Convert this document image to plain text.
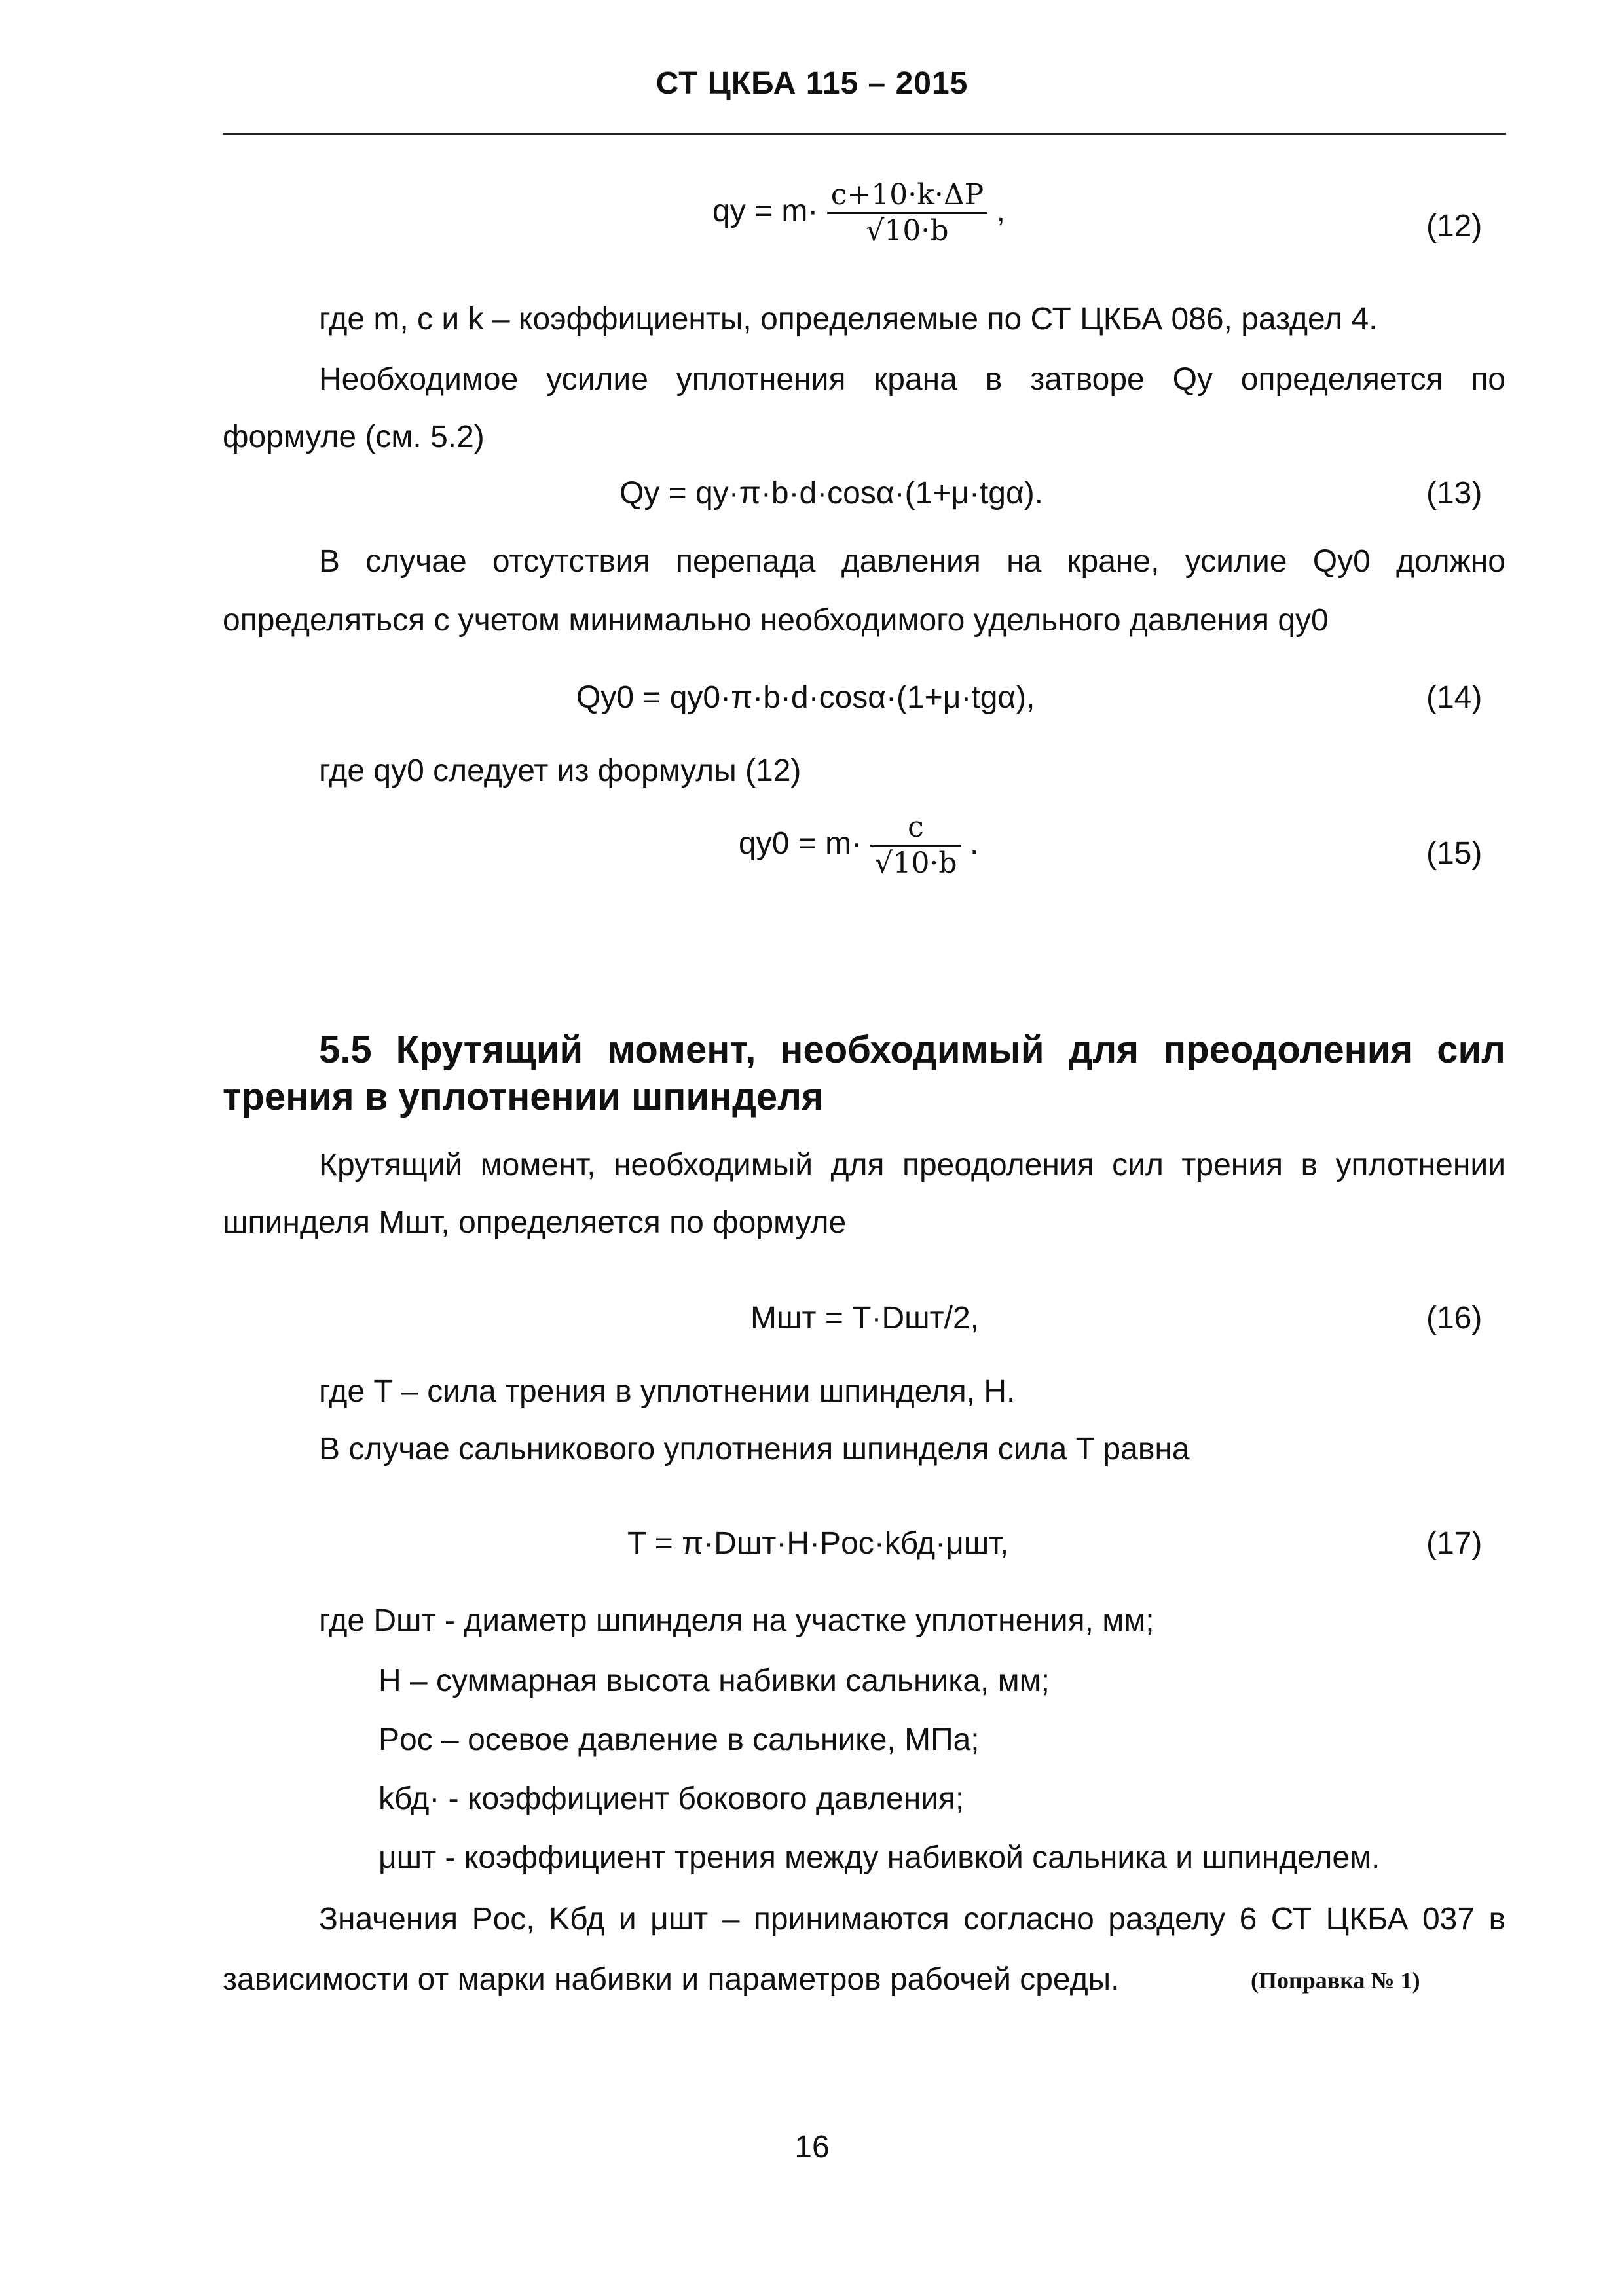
СТ ЦКБА 115 – 2015
qy = $m\cdot \frac{c+10\cdot k\cdot\Delta P}{√10\cdot b}$ ,	(12)
где m, c и k – коэффициенты, определяемые по СТ ЦКБА 086, раздел 4.
Необходимое усилие уплотнения крана в затворе Qy определяется по
формуле (см. 5.2)
Qy = qy·π·b·d·cosα·(1+μ·tgα).	(13)
В случае отсутствия перепада давления на кране, усилие Qy0 должно
определяться с учетом минимально необходимого удельного давления qy0
Qy0 = qy0·π·b·d·cosα·(1+μ·tgα),	(14)
где qy0 следует из формулы (12)
$qy0 = m\cdot \frac{c}{√10\cdot b}$ .	(15)
5.5 Крутящий момент, необходимый для преодоления сил
трения в уплотнении шпинделя
Крутящий момент, необходимый для преодоления сил трения в уплотнении
шпинделя Mшт, определяется по формуле
Mшт = T·Dшт/2,	(16)
где T – сила трения в уплотнении шпинделя, Н.
В случае сальникового уплотнения шпинделя сила T равна
T = π·Dшт·H·Pос·kбд·μшт,	(17)
где Dшт - диаметр шпинделя на участке уплотнения, мм;
H – суммарная высота набивки сальника, мм;
Pос – осевое давление в сальнике, МПа;
kбд· - коэффициент бокового давления;
μшт - коэффициент трения между набивкой сальника и шпинделем.
Значения Pос, Kбд и μшт – принимаются согласно разделу 6 СТ ЦКБА 037 в
зависимости от марки набивки и параметров рабочей среды.	(Поправка № 1)
16
